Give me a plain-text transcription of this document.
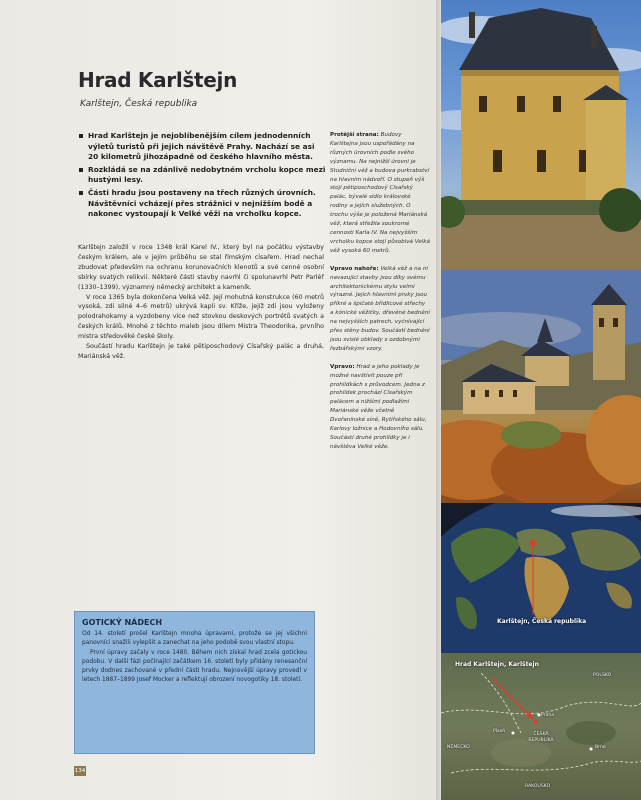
Hrad Karlštejn
Karlštejn, Česká republika
Hrad Karlštejn je nejoblíbenějším cílem jednodenních výletů turistů při jejich návštěvě Prahy. Nachází se asi 20 kilometrů jihozápadně od českého hlavního města.
Rozkládá se na zdánlivě nedobytném vrcholu kopce mezi hustými lesy.
Části hradu jsou postaveny na třech různých úrovních. Návštěvníci vcházejí přes strážnici v nejnižším bodě a nakonec vystoupají k Velké věži na vrcholku kopce.

Karlštejn založil v roce 1348 král Karel IV., který byl na počátku výstavby českým králem, ale v jejím průběhu se stal římským císařem. Hrad nechal zbudovat především na ochranu korunovačních klenotů a své cenné osobní sbírky svatých relikvií. Některé části stavby navrhl či spolunavrhl Petr Parléř (1330–1399), významný německý architekt a kameník.

V roce 1365 byla dokončena Velká věž. Její mohutná konstrukce (60 metrů vysoká, zdi silné 4–6 metrů) ukrývá kapli sv. Kříže, jejíž zdi jsou vyloženy polodrahokamy a vyzdobeny více než stovkou deskových portrétů svatých a českých králů. Mnohé z těchto maleb jsou dílem Mistra Theodorika, prvního mistra středověké české školy.

Součástí hradu Karlštejn je také pětiposchodový Císařský palác a druhá, Mariánská věž.

Protější strana: Budovy Karlštejna jsou uspořádány na různých úrovních podle svého významu. Na nejnižší úrovni je Studniční věž a budova purkrabství na hlavním nádvoří. O stupeň výš stojí pětiposchodový Císařský palác, bývalé sídlo královské rodiny a jejích služebných. O trochu výše je položená Mariánská věž, která střežila soukromé cennosti Karla IV. Na nejvyšším vrcholku kopce stojí působivá Velká věž vysoká 60 metrů.

Vpravo nahoře: Velká věž a na ni navazující stavby jsou díky svému architektonickému stylu velmi výrazné. Jejich hlavními prvky jsou příkré a špičaté břidlicové střechy a kónické věžičky, dřevěné bednění na nejvyšších patrech, vyčnívající přes stěny budov. Součástí bednění jsou svislé obklady s ozdobnými řezbářskými vzory.

Vpravo: Hrad a jeho poklady je možné navštívit pouze při prohlídkách s průvodcem. Jedna z prohlídek prochází Císařským palácem a nižšími podlažími Mariánské věže včetně Dvořanínské síně, Rytířského sálu, Karlovy ložnice a Hodovního sálu. Součástí druhé prohlídky je i návštěva Velké věže.

GOTICKÝ NÁDECH

Od 14. století prošel Karlštejn mnoha úpravami, protože se jej všichni panovníci snažili vylepšit a zanechat na jeho podobě svou vlastní stopu.

První úpravy začaly v roce 1480. Během nich získal hrad zcela gotickou podobu. V další fázi počínající začátkem 16. století byly přidány renesanční prvky dodnes zachované v přední části hradu. Nejnovější úpravy provedl v letech 1887–1899 Josef Mocker a reflektují obrození novogotiky 18. století.

134
Karlštejn, Česká republika
Hrad Karlštejn, Karlštejn
POLSKO
Praha
Plzeň
ČESKÁ REPUBLIKA
NĚMECKO	Brno
RAKOUSKO
